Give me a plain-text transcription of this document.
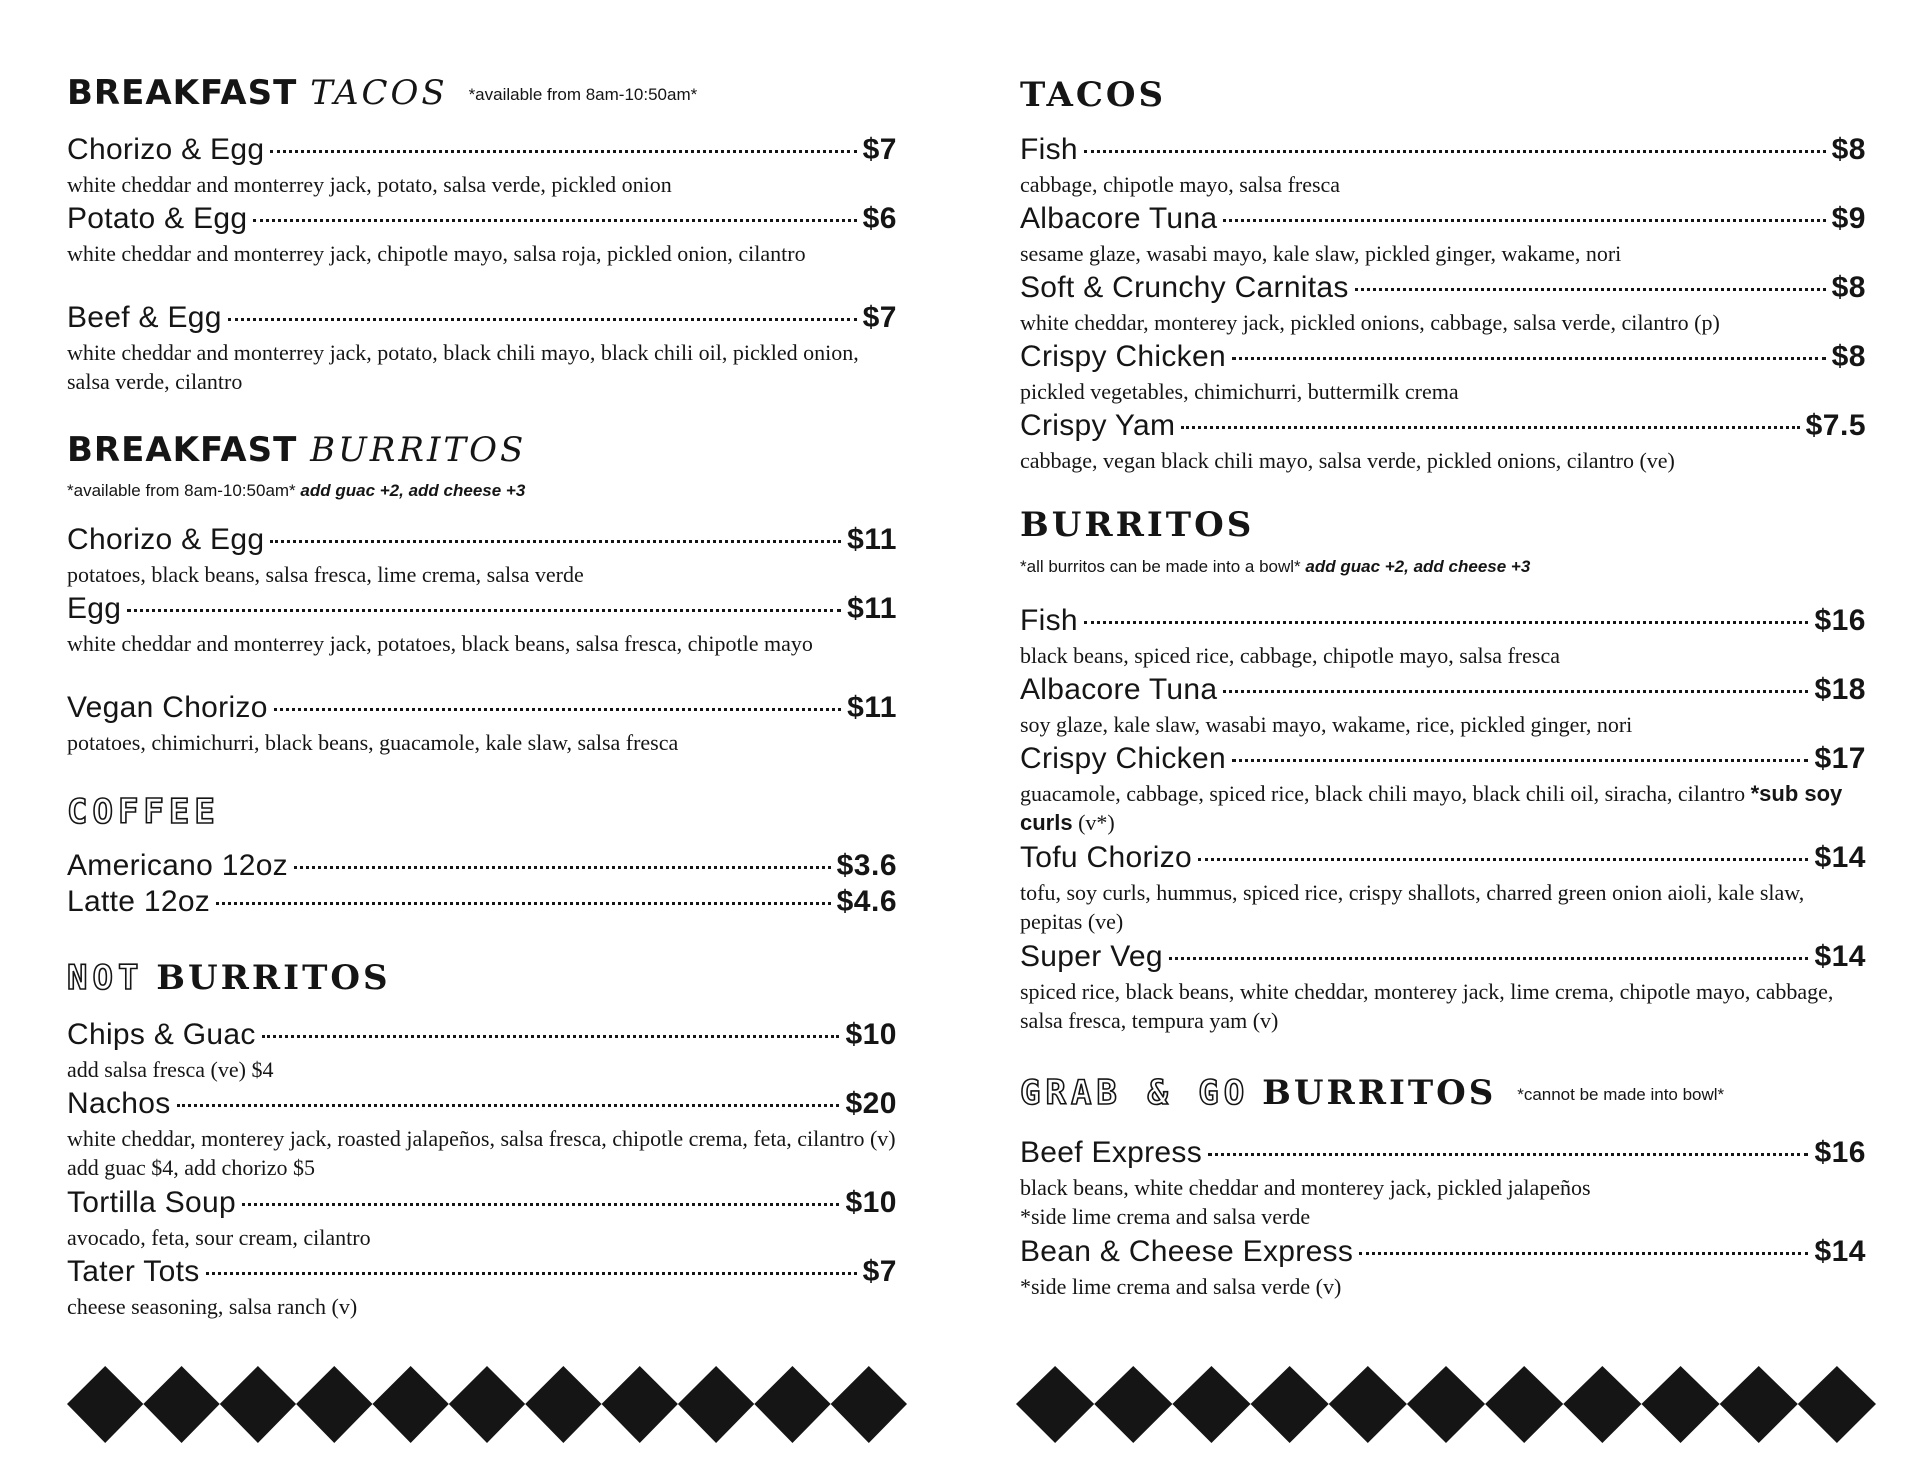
BREAKFAST TACOS *available from 8am-10:50am*
Chorizo & Egg	$7
white cheddar and monterrey jack, potato, salsa verde, pickled onion
Potato & Egg	$6
white cheddar and monterrey jack, chipotle mayo, salsa roja, pickled onion, cilantro
Beef & Egg	$7
white cheddar and monterrey jack, potato, black chili mayo, black chili oil, pickled onion, salsa verde, cilantro
BREAKFAST BURRITOS
*available from 8am-10:50am* add guac +2, add cheese +3
Chorizo & Egg	$11
potatoes, black beans, salsa fresca, lime crema, salsa verde
Egg	$11
white cheddar and monterrey jack, potatoes, black beans, salsa fresca, chipotle mayo
Vegan Chorizo	$11
potatoes, chimichurri, black beans, guacamole, kale slaw, salsa fresca
COFFEE
Americano 12oz	$3.6
Latte 12oz	$4.6
NOT BURRITOS
Chips & Guac	$10
add salsa fresca (ve) $4
Nachos	$20
white cheddar, monterey jack, roasted jalapeños, salsa fresca, chipotle crema, feta, cilantro (v) add guac $4, add chorizo $5
Tortilla Soup	$10
avocado, feta, sour cream, cilantro
Tater Tots	$7
cheese seasoning, salsa ranch (v)
TACOS
Fish	$8
cabbage, chipotle mayo, salsa fresca
Albacore Tuna	$9
sesame glaze, wasabi mayo, kale slaw, pickled ginger, wakame, nori
Soft & Crunchy Carnitas	$8
white cheddar, monterey jack, pickled onions, cabbage, salsa verde, cilantro (p)
Crispy Chicken	$8
pickled vegetables, chimichurri, buttermilk crema
Crispy Yam	$7.5
cabbage, vegan black chili mayo, salsa verde, pickled onions, cilantro (ve)
BURRITOS
*all burritos can be made into a bowl* add guac +2, add cheese +3
Fish	$16
black beans, spiced rice, cabbage, chipotle mayo, salsa fresca
Albacore Tuna	$18
soy glaze, kale slaw, wasabi mayo, wakame, rice, pickled ginger, nori
Crispy Chicken	$17
guacamole, cabbage, spiced rice, black chili mayo, black chili oil, siracha, cilantro *sub soy curls (v*)
Tofu Chorizo	$14
tofu, soy curls, hummus, spiced rice, crispy shallots, charred green onion aioli, kale slaw, pepitas (ve)
Super Veg	$14
spiced rice, black beans, white cheddar, monterey jack, lime crema, chipotle mayo, cabbage, salsa fresca, tempura yam (v)
GRAB & GO BURRITOS *cannot be made into bowl*
Beef Express	$16
black beans, white cheddar and monterey jack, pickled jalapeños
*side lime crema and salsa verde
Bean & Cheese Express	$14
*side lime crema and salsa verde (v)
